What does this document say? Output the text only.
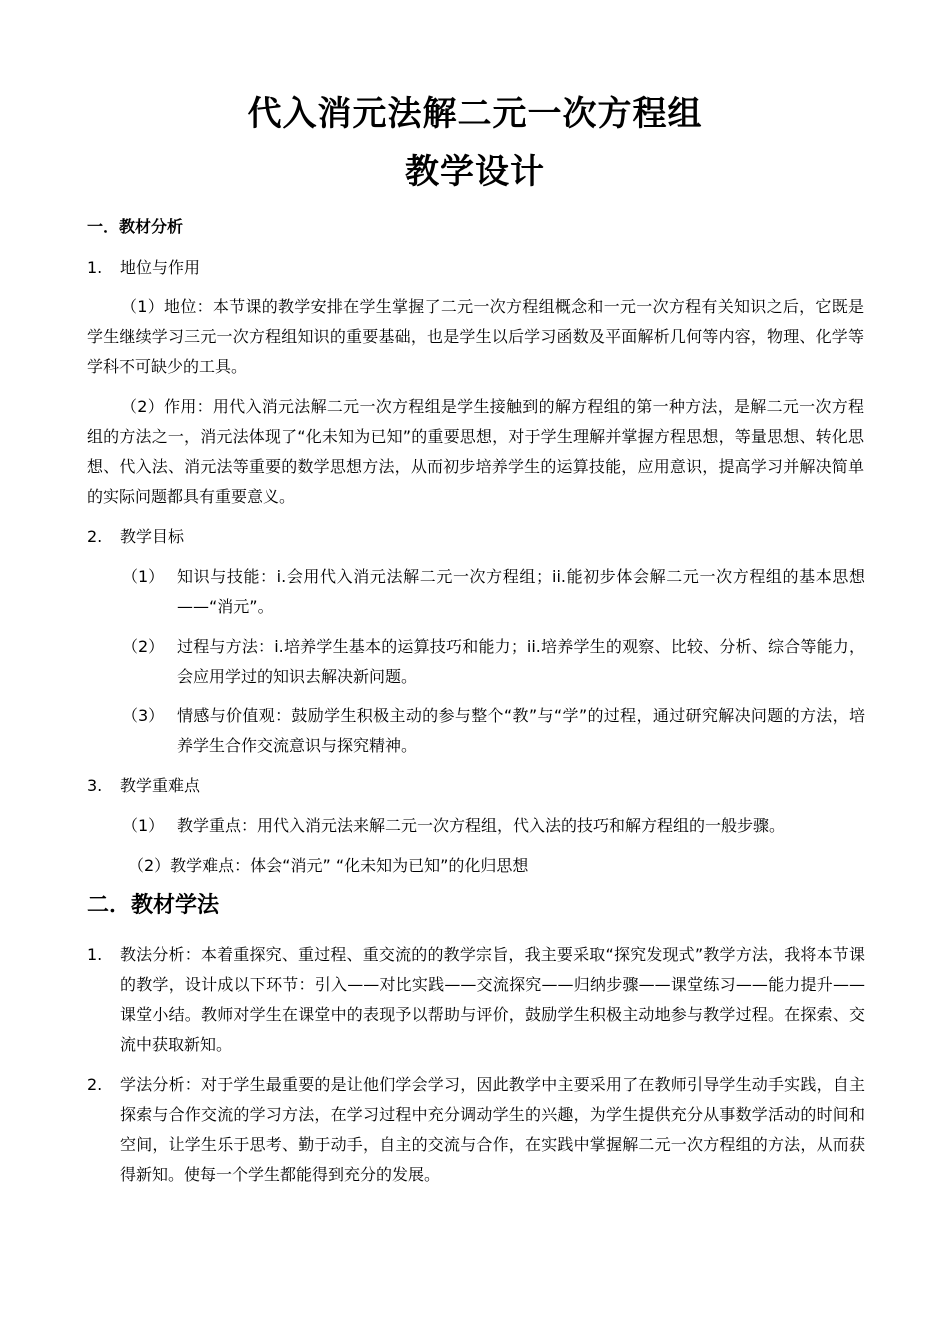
代入消元法解二元一次方程组
教学设计
一．教材分析
1. 地位与作用
（1）地位：本节课的教学安排在学生掌握了二元一次方程组概念和一元一次方程有关知识之后，它既是学生继续学习三元一次方程组知识的重要基础，也是学生以后学习函数及平面解析几何等内容，物理、化学等学科不可缺少的工具。
（2）作用：用代入消元法解二元一次方程组是学生接触到的解方程组的第一种方法，是解二元一次方程组的方法之一，消元法体现了“化未知为已知”的重要思想，对于学生理解并掌握方程思想，等量思想、转化思想、代入法、消元法等重要的数学思想方法，从而初步培养学生的运算技能，应用意识，提高学习并解决简单的实际问题都具有重要意义。
2. 教学目标
（1） 知识与技能：i.会用代入消元法解二元一次方程组；ii.能初步体会解二元一次方程组的基本思想——“消元”。
（2） 过程与方法：i.培养学生基本的运算技巧和能力；ii.培养学生的观察、比较、分析、综合等能力，会应用学过的知识去解决新问题。
（3） 情感与价值观：鼓励学生积极主动的参与整个“教”与“学”的过程，通过研究解决问题的方法，培养学生合作交流意识与探究精神。
3. 教学重难点
（1） 教学重点：用代入消元法来解二元一次方程组，代入法的技巧和解方程组的一般步骤。
（2）教学难点：体会“消元” “化未知为已知”的化归思想
二．教材学法
1. 教法分析：本着重探究、重过程、重交流的的教学宗旨，我主要采取“探究发现式”教学方法，我将本节课的教学，设计成以下环节：引入——对比实践——交流探究——归纳步骤——课堂练习——能力提升——课堂小结。教师对学生在课堂中的表现予以帮助与评价，鼓励学生积极主动地参与教学过程。在探索、交流中获取新知。
2. 学法分析：对于学生最重要的是让他们学会学习，因此教学中主要采用了在教师引导学生动手实践，自主探索与合作交流的学习方法，在学习过程中充分调动学生的兴趣，为学生提供充分从事数学活动的时间和空间，让学生乐于思考、勤于动手，自主的交流与合作，在实践中掌握解二元一次方程组的方法，从而获得新知。使每一个学生都能得到充分的发展。
